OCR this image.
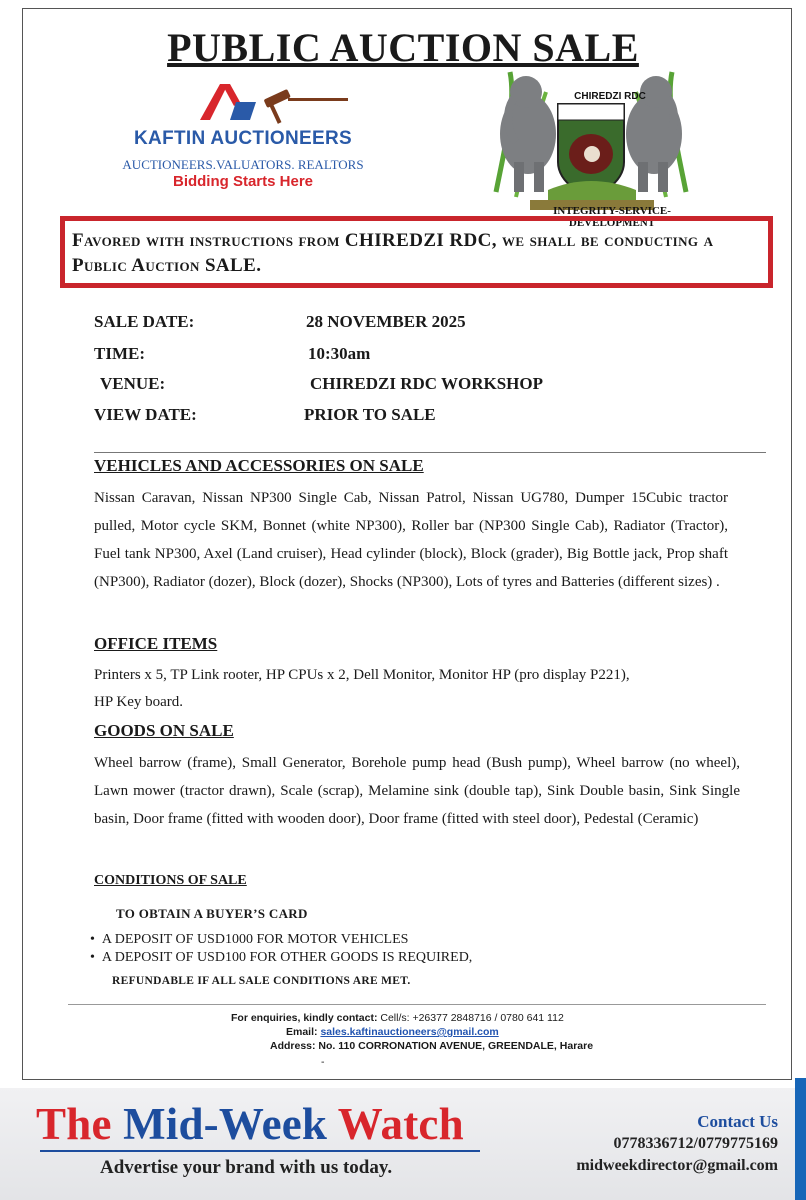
PUBLIC AUCTION SALE
KAFTIN AUCTIONEERS
AUCTIONEERS.VALUATORS. REALTORS
Bidding Starts Here
CHIREDZI RDC
INTEGRITY-SERVICE-DEVELOPMENT
Favored with instructions from CHIREDZI RDC, we shall be conducting a Public Auction SALE.
SALE DATE:	28 NOVEMBER 2025
TIME:	10:30am
VENUE:	CHIREDZI RDC WORKSHOP
VIEW DATE:	PRIOR TO SALE
VEHICLES AND ACCESSORIES ON SALE
Nissan Caravan, Nissan NP300 Single Cab, Nissan Patrol, Nissan UG780, Dumper 15Cubic tractor pulled, Motor cycle SKM, Bonnet (white NP300), Roller bar (NP300 Single Cab), Radiator (Tractor), Fuel tank NP300, Axel (Land cruiser), Head cylinder (block), Block (grader), Big Bottle jack, Prop shaft (NP300), Radiator (dozer), Block (dozer), Shocks (NP300), Lots of tyres and Batteries (different sizes) .
OFFICE ITEMS
Printers x 5, TP Link rooter, HP CPUs x 2, Dell Monitor, Monitor HP (pro display P221),
HP Key board.
GOODS ON SALE
Wheel barrow (frame), Small Generator, Borehole pump head (Bush pump), Wheel barrow (no wheel), Lawn mower (tractor drawn), Scale (scrap), Melamine sink (double tap), Sink Double basin, Sink Single basin, Door frame (fitted with wooden door), Door frame (fitted with steel door), Pedestal (Ceramic)
CONDITIONS OF SALE
TO OBTAIN A BUYER’S CARD
•  A DEPOSIT OF USD1000 FOR MOTOR VEHICLES
•  A DEPOSIT OF USD100 FOR OTHER GOODS IS REQUIRED,
REFUNDABLE IF ALL SALE CONDITIONS ARE MET.
For enquiries, kindly contact: Cell/s: +26377 2848716 / 0780 641 112
Email: sales.kaftinauctioneers@gmail.com
Address: No. 110 CORRONATION AVENUE, GREENDALE, Harare
-
The Mid-Week Watch
Advertise your brand with us today.
Contact Us
0778336712/0779775169
midweekdirector@gmail.com
